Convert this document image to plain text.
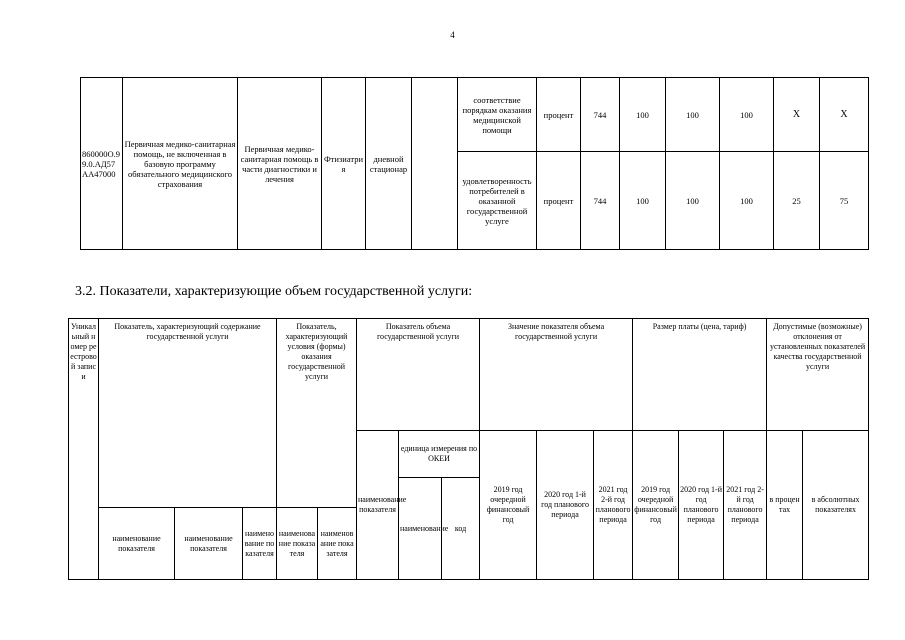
4
860000О.99.0.АД57АА47000	Первичная медико-санитарная помощь, не включенная в базовую программу обязательного медицинского страхования	Первичная медико-санитарная помощь в части диагностики и лечения	Фтизиатрия	дневной стационар		соответствие порядкам оказания медицинской помощи	процент	744	100	100	100	X	X
						удовлетворенность потребителей в оказанной государственной услуге	процент	744	100	100	100	25	75
3.2. Показатели, характеризующие объем государственной услуги:
Уникальный номер реестровой записи	Показатель, характеризующий содержание государственной услуги			Показатель, характеризующий условия (формы) оказания государственной услуги		Показатель объема государственной услуги			Значение показателя объема государственной услуги			Размер платы (цена, тариф)			Допустимые (возможные) отклонения от установленных показателей качества государственной услуги	
						наименование показателя	единица измерения по ОКЕИ		2019 год очередной финансовый год	2020 год 1-й год планового периода	2021 год 2-й год планового периода	2019 год очередной финансовый год	2020 год 1-й год планового периода	2021 год 2-й год планового периода	в процентах	в абсолютных показателях
							наименование	код								
	наименование показателя	наименование показателя	наименование показателя	наименование показателя	наименование показателя											
